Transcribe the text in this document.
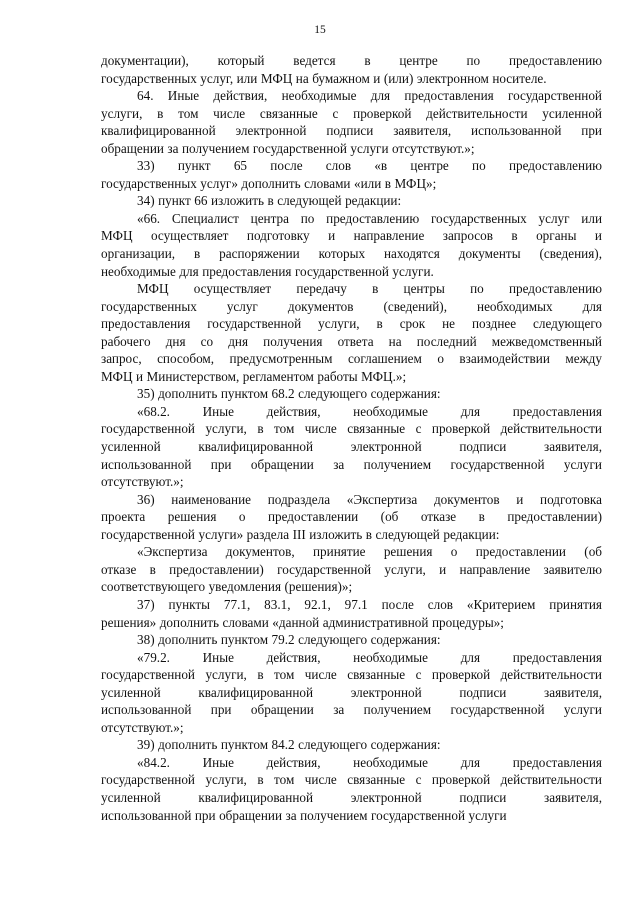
15

документации), который ведется в центре по предоставлению
государственных услуг, или МФЦ на бумажном и (или) электронном носителе.

64. Иные действия, необходимые для предоставления государственной
услуги, в том числе связанные с проверкой действительности усиленной
квалифицированной электронной подписи заявителя, использованной при
обращении за получением государственной услуги отсутствуют.»;

33) пункт 65 после слов «в центре по предоставлению
государственных услуг» дополнить словами «или в МФЦ»;

34) пункт 66 изложить в следующей редакции:

«66. Специалист центра по предоставлению государственных услуг или
МФЦ осуществляет подготовку и направление запросов в органы и
организации, в распоряжении которых находятся документы (сведения),
необходимые для предоставления государственной услуги.

МФЦ осуществляет передачу в центры по предоставлению
государственных услуг документов (сведений), необходимых для
предоставления государственной услуги, в срок не позднее следующего
рабочего дня со дня получения ответа на последний межведомственный
запрос, способом, предусмотренным соглашением о взаимодействии между
МФЦ и Министерством, регламентом работы МФЦ.»;

35) дополнить пунктом 68.2 следующего содержания:

«68.2. Иные действия, необходимые для предоставления
государственной услуги, в том числе связанные с проверкой действительности
усиленной квалифицированной электронной подписи заявителя,
использованной при обращении за получением государственной услуги
отсутствуют.»;

36) наименование подраздела «Экспертиза документов и подготовка
проекта решения о предоставлении (об отказе в предоставлении)
государственной услуги» раздела III изложить в следующей редакции:

«Экспертиза документов, принятие решения о предоставлении (об
отказе в предоставлении) государственной услуги, и направление заявителю
соответствующего уведомления (решения)»;

37) пункты 77.1, 83.1, 92.1, 97.1 после слов «Критерием принятия
решения» дополнить словами «данной административной процедуры»;

38) дополнить пунктом 79.2 следующего содержания:

«79.2. Иные действия, необходимые для предоставления
государственной услуги, в том числе связанные с проверкой действительности
усиленной квалифицированной электронной подписи заявителя,
использованной при обращении за получением государственной услуги
отсутствуют.»;

39) дополнить пунктом 84.2 следующего содержания:

«84.2. Иные действия, необходимые для предоставления
государственной услуги, в том числе связанные с проверкой действительности
усиленной квалифицированной электронной подписи заявителя,
использованной при обращении за получением государственной услуги
